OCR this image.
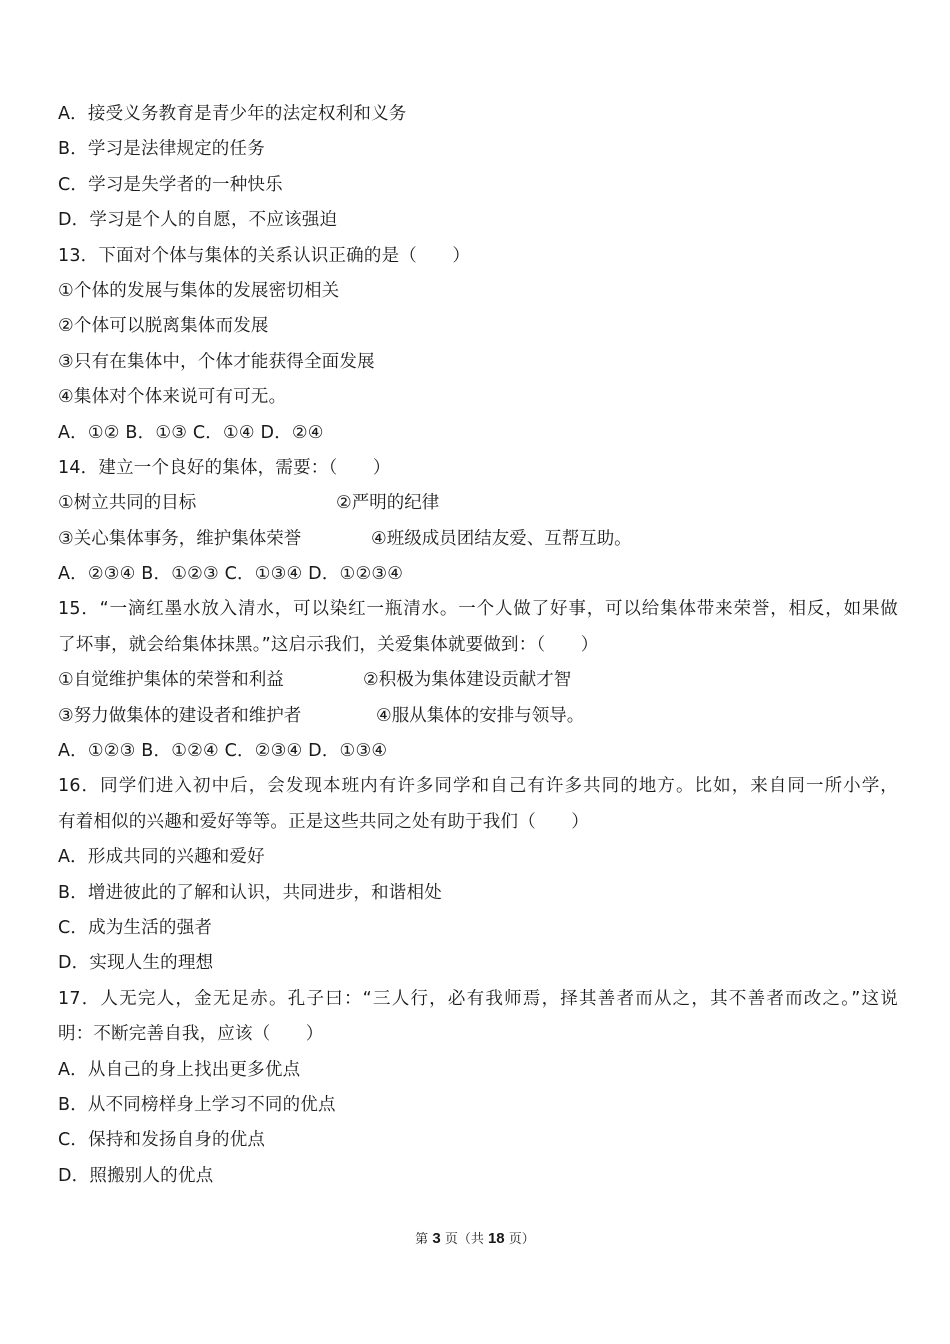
A．接受义务教育是青少年的法定权利和义务
B．学习是法律规定的任务
C．学习是失学者的一种快乐
D．学习是个人的自愿，不应该强迫
13．下面对个体与集体的关系认识正确的是（　　）
①个体的发展与集体的发展密切相关
②个体可以脱离集体而发展
③只有在集体中，个体才能获得全面发展
④集体对个体来说可有可无。
A．①② B．①③ C．①④ D．②④
14．建立一个良好的集体，需要：（　　）
①树立共同的目标	②严明的纪律
③关心集体事务，维护集体荣誉	④班级成员团结友爱、互帮互助。
A．②③④ B．①②③ C．①③④ D．①②③④
15．“一滴红墨水放入清水，可以染红一瓶清水。一个人做了好事，可以给集体带来荣誉，相反，如果做
了坏事，就会给集体抹黑。”这启示我们，关爱集体就要做到：（　　）
①自觉维护集体的荣誉和利益	②积极为集体建设贡献才智
③努力做集体的建设者和维护者	④服从集体的安排与领导。
A．①②③ B．①②④ C．②③④ D．①③④
16．同学们进入初中后，会发现本班内有许多同学和自己有许多共同的地方。比如，来自同一所小学，
有着相似的兴趣和爱好等等。正是这些共同之处有助于我们（　　）
A．形成共同的兴趣和爱好
B．增进彼此的了解和认识，共同进步，和谐相处
C．成为生活的强者
D．实现人生的理想
17．人无完人，金无足赤。孔子曰：“三人行，必有我师焉，择其善者而从之，其不善者而改之。”这说
明：不断完善自我，应该（　　）
A．从自己的身上找出更多优点
B．从不同榜样身上学习不同的优点
C．保持和发扬自身的优点
D．照搬别人的优点
第 3 页（共 18 页）
